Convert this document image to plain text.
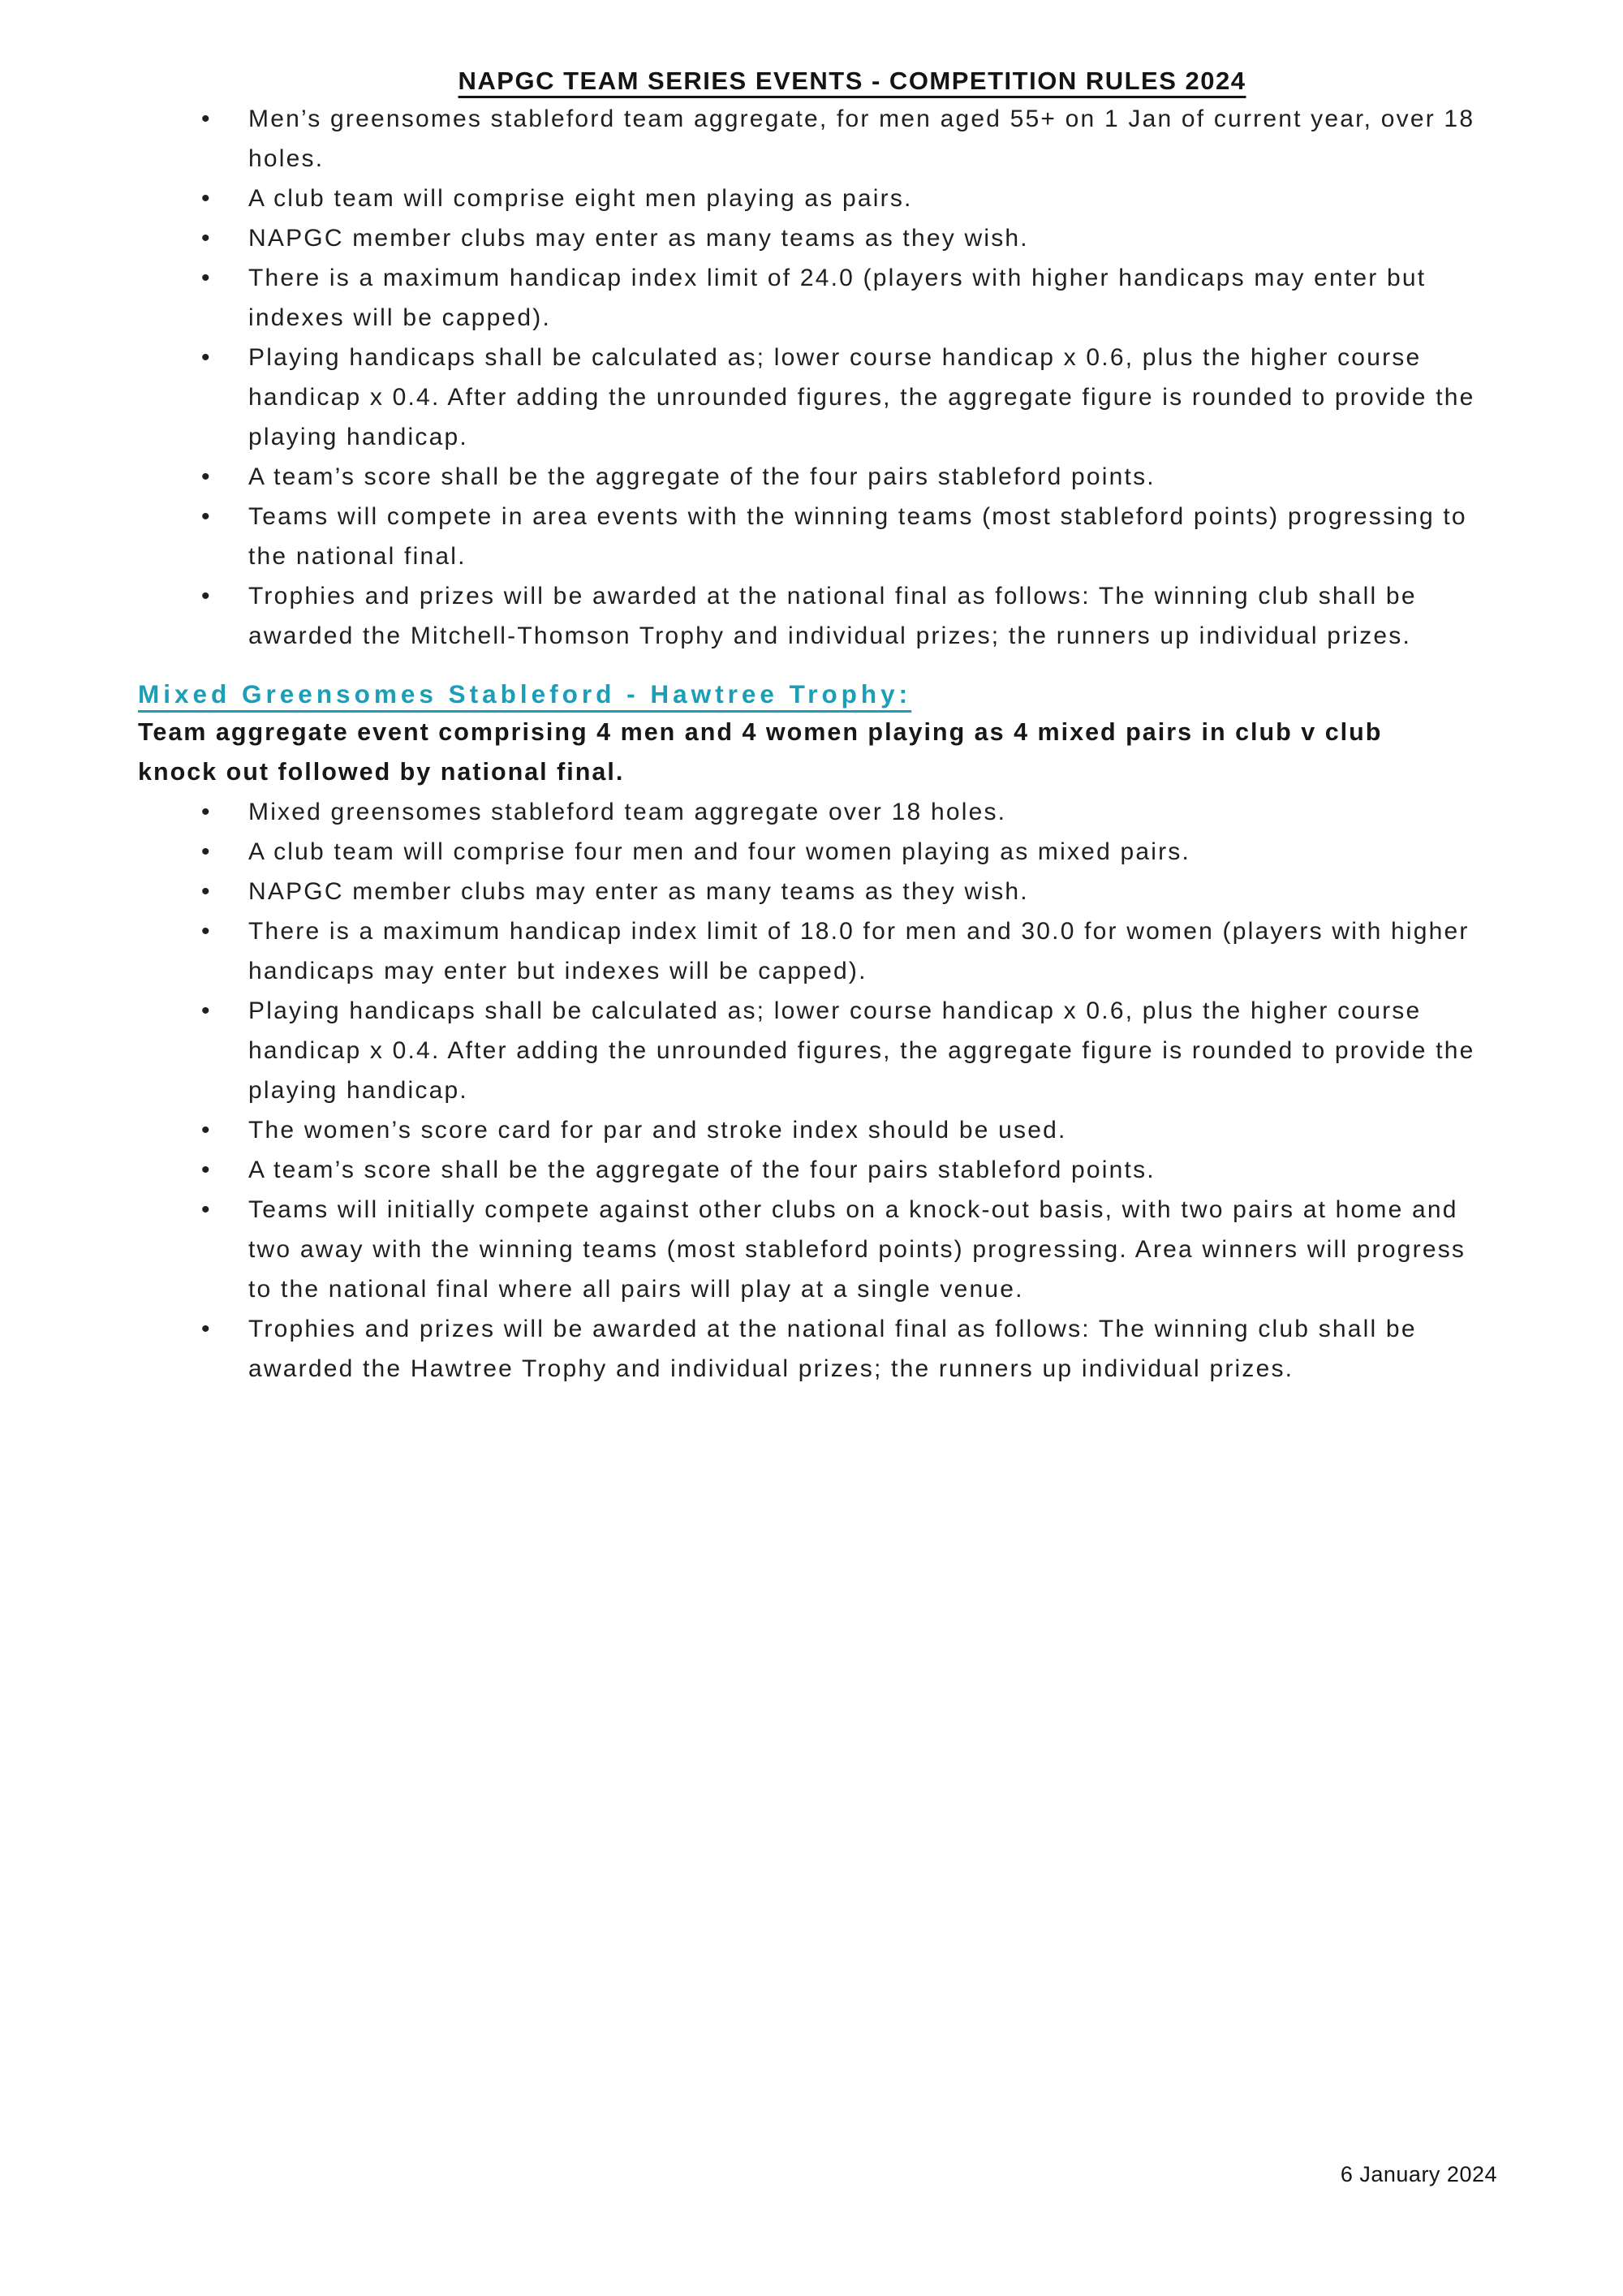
NAPGC TEAM SERIES EVENTS - COMPETITION RULES 2024
• Men’s greensomes stableford team aggregate, for men aged 55+ on 1 Jan of current year, over 18 holes.
• A club team will comprise eight men playing as pairs.
• NAPGC member clubs may enter as many teams as they wish.
• There is a maximum handicap index limit of 24.0 (players with higher handicaps may enter but indexes will be capped).
• Playing handicaps shall be calculated as; lower course handicap x 0.6, plus the higher course handicap x 0.4. After adding the unrounded figures, the aggregate figure is rounded to provide the playing handicap.
• A team’s score shall be the aggregate of the four pairs stableford points.
• Teams will compete in area events with the winning teams (most stableford points) progressing to the national final.
• Trophies and prizes will be awarded at the national final as follows: The winning club shall be awarded the Mitchell-Thomson Trophy and individual prizes; the runners up individual prizes.
Mixed Greensomes Stableford - Hawtree Trophy:
Team aggregate event comprising 4 men and 4 women playing as 4 mixed pairs in club v club knock out followed by national final.
• Mixed greensomes stableford team aggregate over 18 holes.
• A club team will comprise four men and four women playing as mixed pairs.
• NAPGC member clubs may enter as many teams as they wish.
• There is a maximum handicap index limit of 18.0 for men and 30.0 for women (players with higher handicaps may enter but indexes will be capped).
• Playing handicaps shall be calculated as; lower course handicap x 0.6, plus the higher course handicap x 0.4. After adding the unrounded figures, the aggregate figure is rounded to provide the playing handicap.
• The women’s score card for par and stroke index should be used.
• A team’s score shall be the aggregate of the four pairs stableford points.
• Teams will initially compete against other clubs on a knock-out basis, with two pairs at home and two away with the winning teams (most stableford points) progressing. Area winners will progress to the national final where all pairs will play at a single venue.
• Trophies and prizes will be awarded at the national final as follows: The winning club shall be awarded the Hawtree Trophy and individual prizes; the runners up individual prizes.
6 January 2024
